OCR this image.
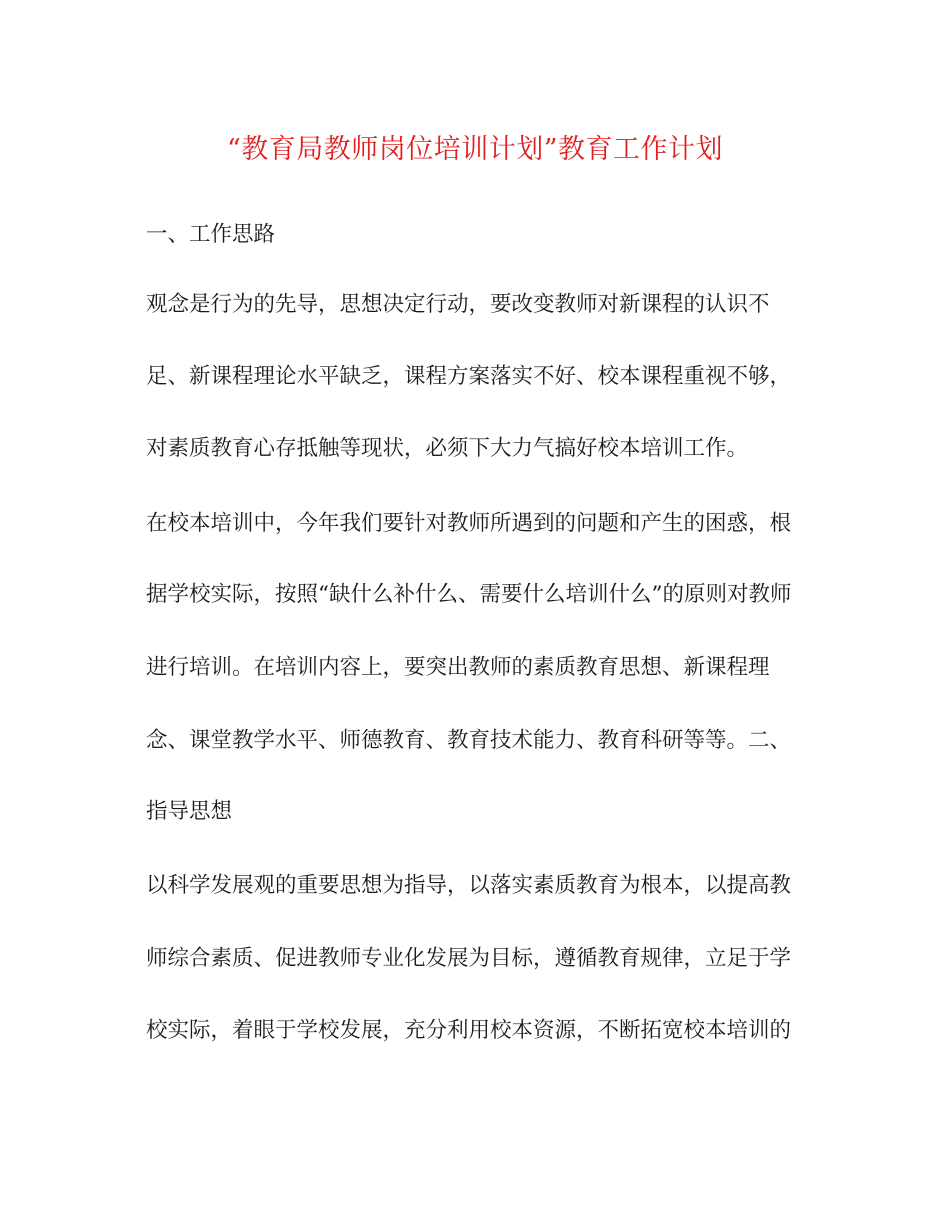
“教育局教师岗位培训计划”教育工作计划
一、工作思路
观念是行为的先导，思想决定行动，要改变教师对新课程的认识不
足、新课程理论水平缺乏，课程方案落实不好、校本课程重视不够，
对素质教育心存抵触等现状，必须下大力气搞好校本培训工作。
在校本培训中，今年我们要针对教师所遇到的问题和产生的困惑，根
据学校实际，按照“缺什么补什么、需要什么培训什么”的原则对教师
进行培训。在培训内容上，要突出教师的素质教育思想、新课程理
念、课堂教学水平、师德教育、教育技术能力、教育科研等等。二、
指导思想
以科学发展观的重要思想为指导，以落实素质教育为根本，以提高教
师综合素质、促进教师专业化发展为目标，遵循教育规律，立足于学
校实际，着眼于学校发展，充分利用校本资源，不断拓宽校本培训的
